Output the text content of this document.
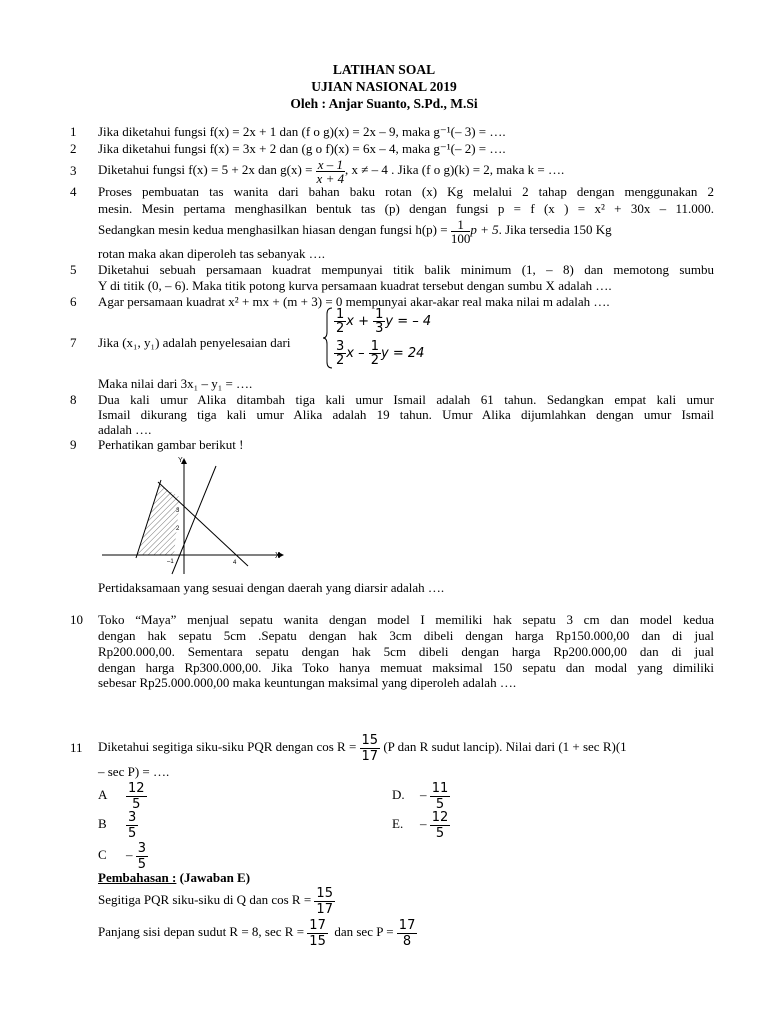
LATIHAN SOAL
UJIAN NASIONAL 2019
Oleh : Anjar Suanto, S.Pd., M.Si
1 Jika diketahui fungsi f(x) = 2x + 1 dan (f o g)(x) = 2x – 9, maka g⁻¹(– 3) = ….
2 Jika diketahui fungsi f(x) = 3x + 2 dan (g o f)(x) = 6x – 4, maka g⁻¹(– 2) = ….
3 Diketahui fungsi f(x) = 5 + 2x dan $g(x) = \frac{x - 1}{x + 4}$ , x ≠ – 4 . Jika (f o g)(k) = 2, maka k = ….
4 Proses pembuatan tas wanita dari bahan baku rotan (x) Kg melalui 2 tahap dengan menggunakan 2
mesin. Mesin pertama menghasilkan bentuk tas (p) dengan fungsi p = f (x ) = x² + 30x – 11.000.
Sedangkan mesin kedua menghasilkan hiasan dengan fungsi $h(p) = \frac{1}{100}$ p + 5. Jika tersedia 150 Kg
rotan maka akan diperoleh tas sebanyak ….
5 Diketahui sebuah persamaan kuadrat mempunyai titik balik minimum (1, – 8) dan memotong sumbu
Y di titik (0, – 6). Maka titik potong kurva persamaan kuadrat tersebut dengan sumbu X adalah ….
6 Agar persamaan kuadrat x² + mx + (m + 3) = 0 mempunyai akar-akar real maka nilai m adalah ….
7 Jika (x₁, y₁) adalah penyelesaian dari
$\frac{1}{2}$ $x + \frac{1}{3}$ y = – 4
$\frac{3}{2}$ x – $\frac{1}{2}$ y = 24
Maka nilai dari 3x₁ – y₁ = ….
8 Dua kali umur Alika ditambah tiga kali umur Ismail adalah 61 tahun. Sedangkan empat kali umur
Ismail dikurang tiga kali umur Alika adalah 19 tahun. Umur Alika dijumlahkan dengan umur Ismail
adalah ….
9 Perhatikan gambar berikut !
Y
X
3
2
–1	4
Pertidaksamaan yang sesuai dengan daerah yang diarsir adalah ….
10 Toko “Maya” menjual sepatu wanita dengan model I memiliki hak sepatu 3 cm dan model kedua
dengan hak sepatu 5cm .Sepatu dengan hak 3cm dibeli dengan harga Rp150.000,00 dan di jual
Rp200.000,00. Sementara sepatu dengan hak 5cm dibeli dengan harga Rp200.000,00 dan di jual
dengan harga Rp300.000,00. Jika Toko hanya memuat maksimal 150 sepatu dan modal yang dimiliki
sebesar Rp25.000.000,00 maka keuntungan maksimal yang diperoleh adalah ….
11 Diketahui segitiga siku-siku PQR dengan $\cos R = \frac{15}{17} (P$ dan R sudut lancip). Nilai dari (1 + sec R)(1
– sec P) = ….
A $\frac{12}{5}$
B $\frac{3}{5}$
C – $\frac{3}{5}$
D. – $\frac{11}{5}$
E. – $\frac{12}{5}$
Pembahasan : (Jawaban E)
Segitiga PQR siku-siku di Q dan $\cos R = \frac{15}{17}$
Panjang sisi depan sudut R = 8, $\sec R = \frac{17}{15}$ dan $\sec P = \frac{17}{8}$
